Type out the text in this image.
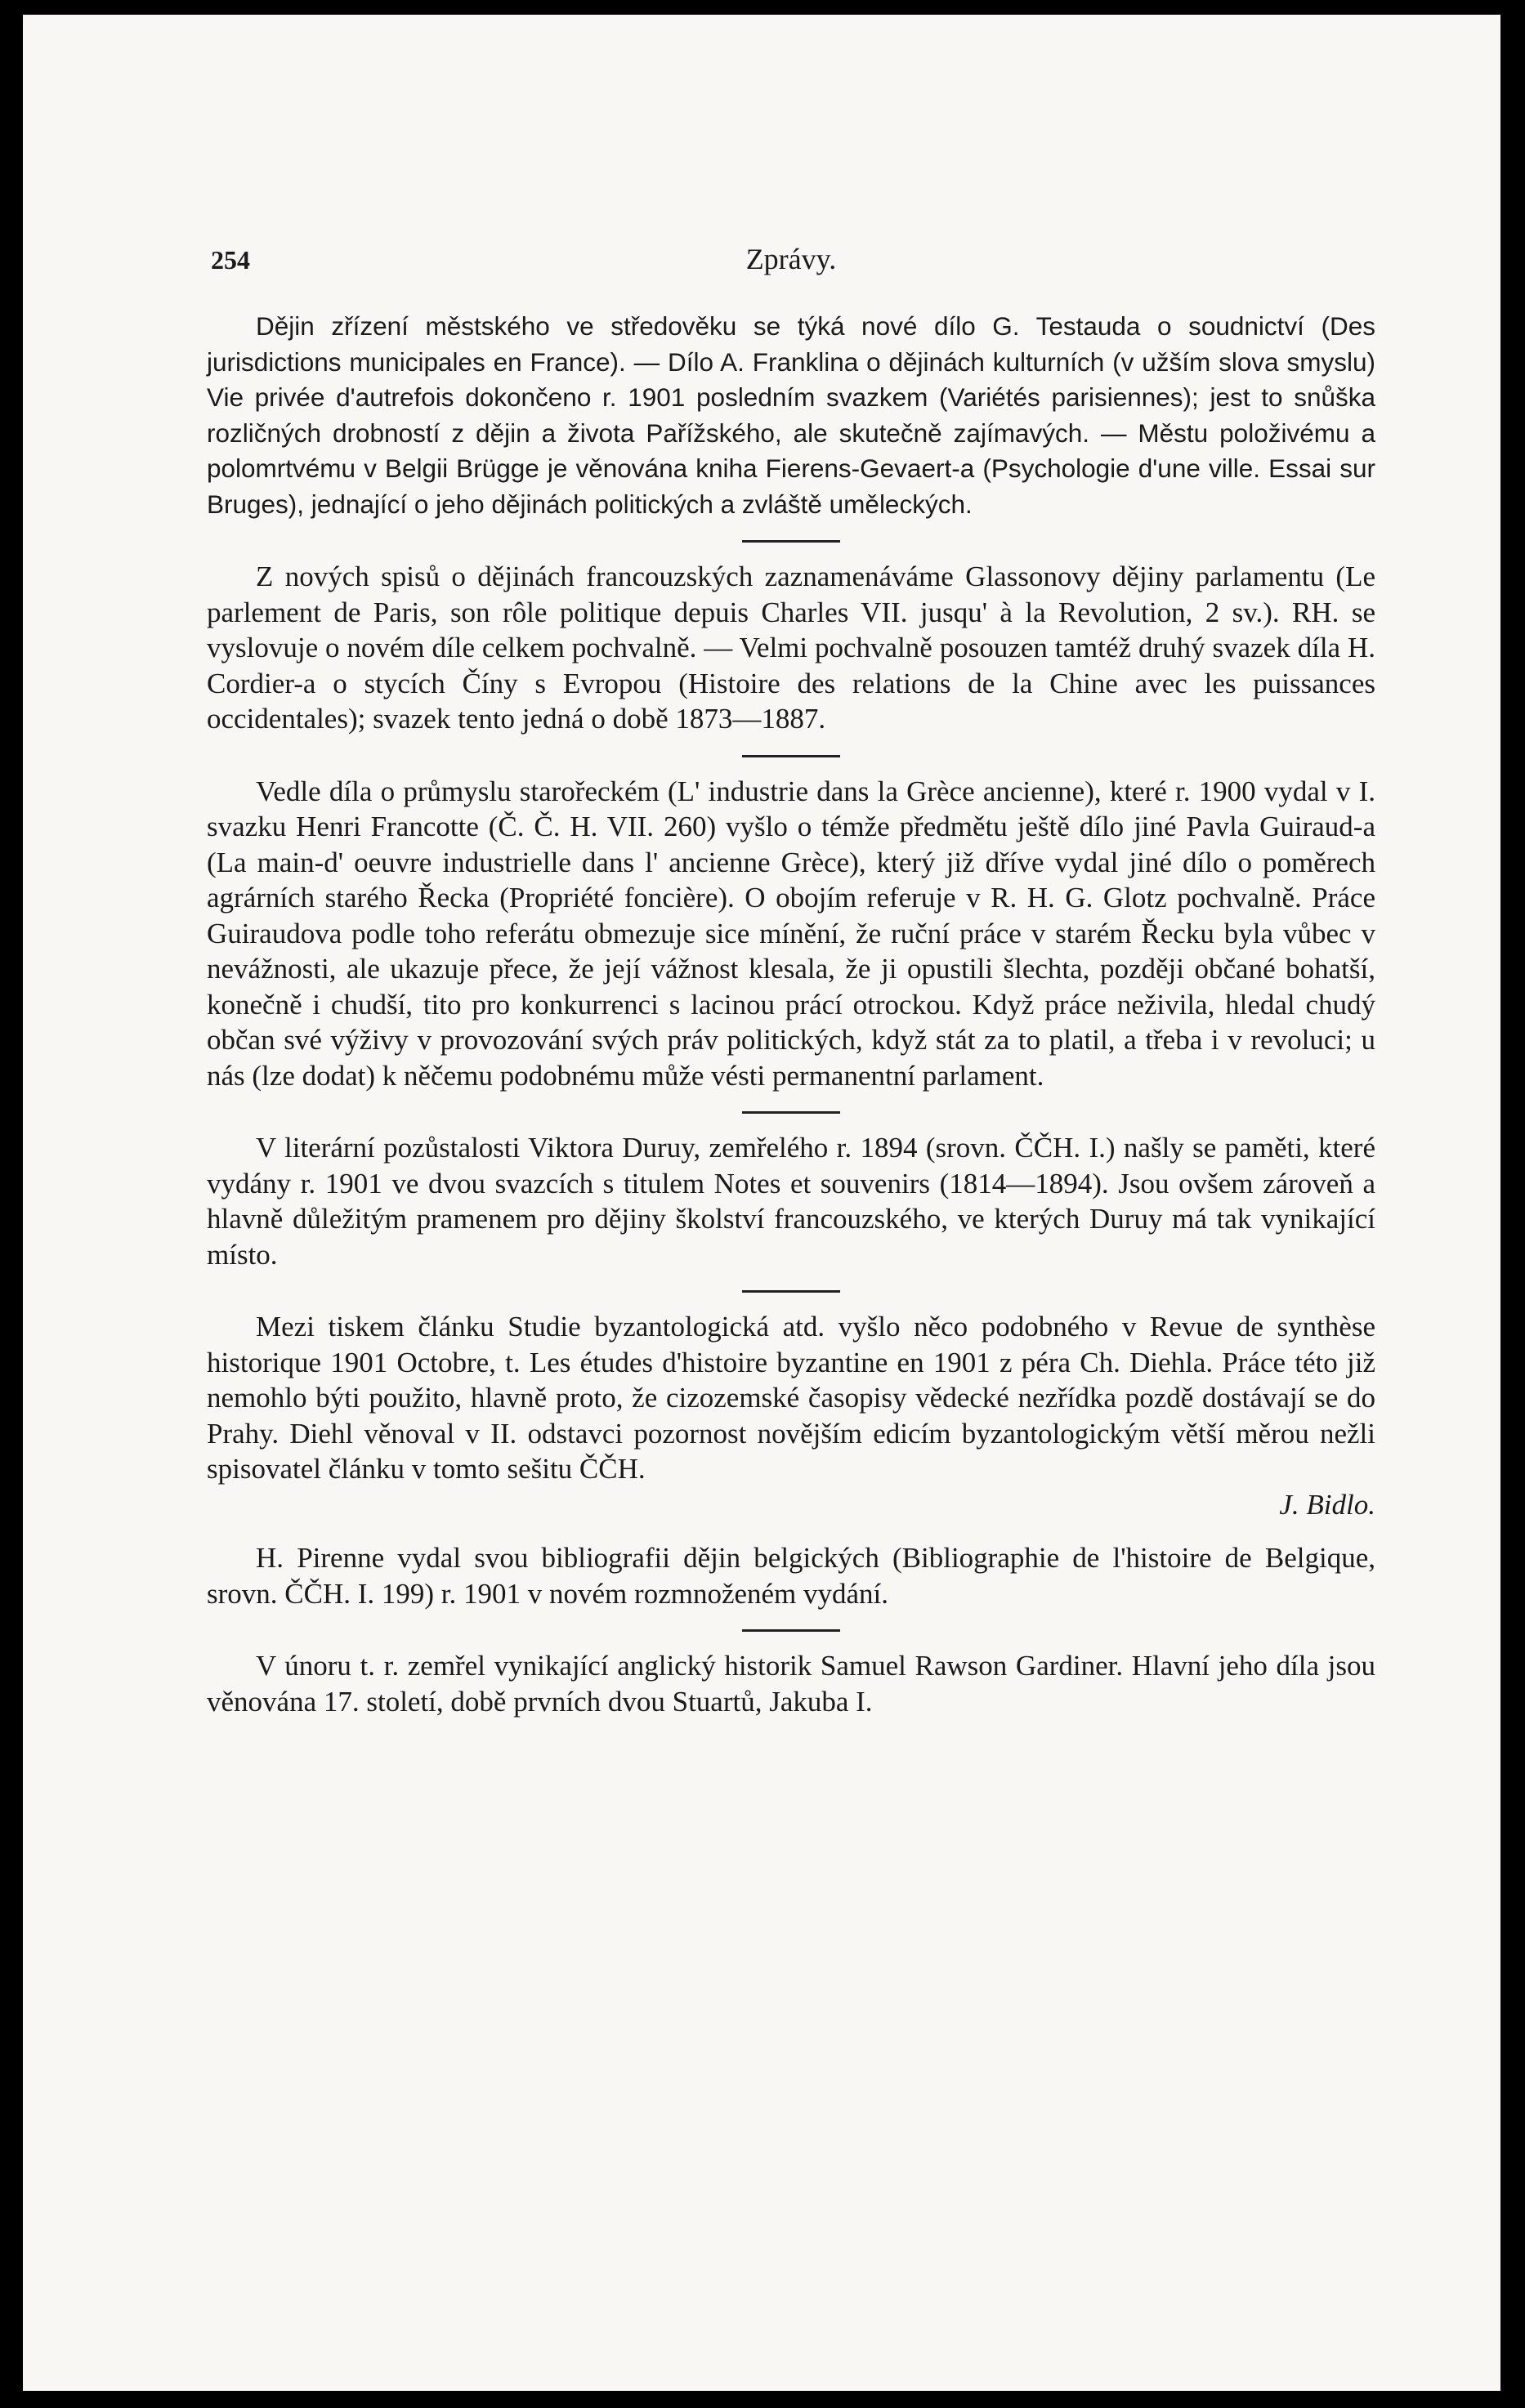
254	Zprávy.

Dějin zřízení městského ve středověku se týká nové dílo G. Testauda o soudnictví (Des jurisdictions municipales en France). — Dílo A. Franklina o dějinách kulturních (v užším slova smyslu) Vie privée d'autrefois dokončeno r. 1901 posledním svazkem (Variétés parisiennes); jest to snůška rozličných drobností z dějin a života Pařížského, ale skutečně zajímavých. — Městu položivému a polomrtvému v Belgii Brügge je věnována kniha Fierens-Gevaert-a (Psychologie d'une ville. Essai sur Bruges), jednající o jeho dějinách politických a zvláště uměleckých.

Z nových spisů o dějinách francouzských zaznamenáváme Glassonovy dějiny parlamentu (Le parlement de Paris, son rôle politique depuis Charles VII. jusqu' à la Revolution, 2 sv.). RH. se vyslovuje o novém díle celkem pochvalně. — Velmi pochvalně posouzen tamtéž druhý svazek díla H. Cordier-a o stycích Číny s Evropou (Histoire des relations de la Chine avec les puissances occidentales); svazek tento jedná o době 1873—1887.

Vedle díla o průmyslu starořeckém (L' industrie dans la Grèce ancienne), které r. 1900 vydal v I. svazku Henri Francotte (Č. Č. H. VII. 260) vyšlo o témže předmětu ještě dílo jiné Pavla Guiraud-a (La main-d' oeuvre industrielle dans l' ancienne Grèce), který již dříve vydal jiné dílo o poměrech agrárních starého Řecka (Propriété foncière). O obojím referuje v R. H. G. Glotz pochvalně. Práce Guiraudova podle toho referátu obmezuje sice mínění, že ruční práce v starém Řecku byla vůbec v nevážnosti, ale ukazuje přece, že její vážnost klesala, že ji opustili šlechta, později občané bohatší, konečně i chudší, tito pro konkurrenci s lacinou prácí otrockou. Když práce neživila, hledal chudý občan své výživy v provozování svých práv politických, když stát za to platil, a třeba i v revoluci; u nás (lze dodat) k něčemu podobnému může vésti permanentní parlament.

V literární pozůstalosti Viktora Duruy, zemřelého r. 1894 (srovn. ČČH. I.) našly se paměti, které vydány r. 1901 ve dvou svazcích s titulem Notes et souvenirs (1814—1894). Jsou ovšem zároveň a hlavně důležitým pramenem pro dějiny školství francouzského, ve kterých Duruy má tak vynikající místo.

Mezi tiskem článku Studie byzantologická atd. vyšlo něco podobného v Revue de synthèse historique 1901 Octobre, t. Les études d'histoire byzantine en 1901 z péra Ch. Diehla. Práce této již nemohlo býti použito, hlavně proto, že cizozemské časopisy vědecké nezřídka pozdě dostávají se do Prahy. Diehl věnoval v II. odstavci pozornost novějším edicím byzantologickým větší měrou nežli spisovatel článku v tomto sešitu ČČH.

J. Bidlo.

H. Pirenne vydal svou bibliografii dějin belgických (Bibliographie de l'histoire de Belgique, srovn. ČČH. I. 199) r. 1901 v novém rozmnoženém vydání.

V únoru t. r. zemřel vynikající anglický historik Samuel Rawson Gardiner. Hlavní jeho díla jsou věnována 17. století, době prvních dvou Stuartů, Jakuba I.
